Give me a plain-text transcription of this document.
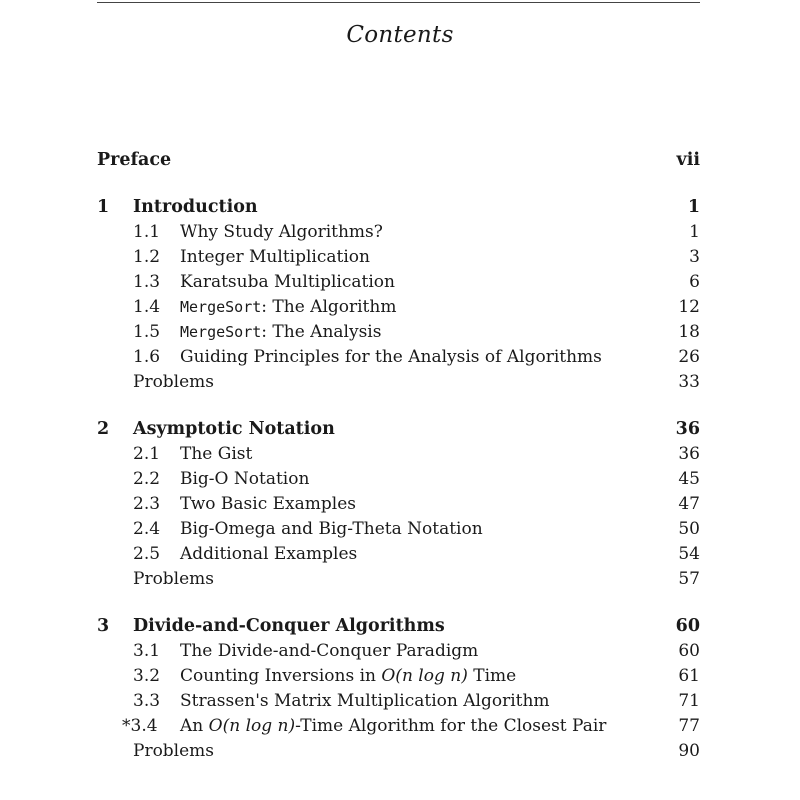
Contents
Preface	vii
1 Introduction	1
1.1 Why Study Algorithms?	1
1.2 Integer Multiplication	3
1.3 Karatsuba Multiplication	6
1.4 MergeSort: The Algorithm	12
1.5 MergeSort: The Analysis	18
1.6 Guiding Principles for the Analysis of Algorithms	26
Problems	33
2 Asymptotic Notation	36
2.1 The Gist	36
2.2 Big-O Notation	45
2.3 Two Basic Examples	47
2.4 Big-Omega and Big-Theta Notation	50
2.5 Additional Examples	54
Problems	57
3 Divide-and-Conquer Algorithms	60
3.1 The Divide-and-Conquer Paradigm	60
3.2 Counting Inversions in O(n log n) Time	61
3.3 Strassen's Matrix Multiplication Algorithm	71
*3.4 An O(n log n)-Time Algorithm for the Closest Pair	77
Problems	90
